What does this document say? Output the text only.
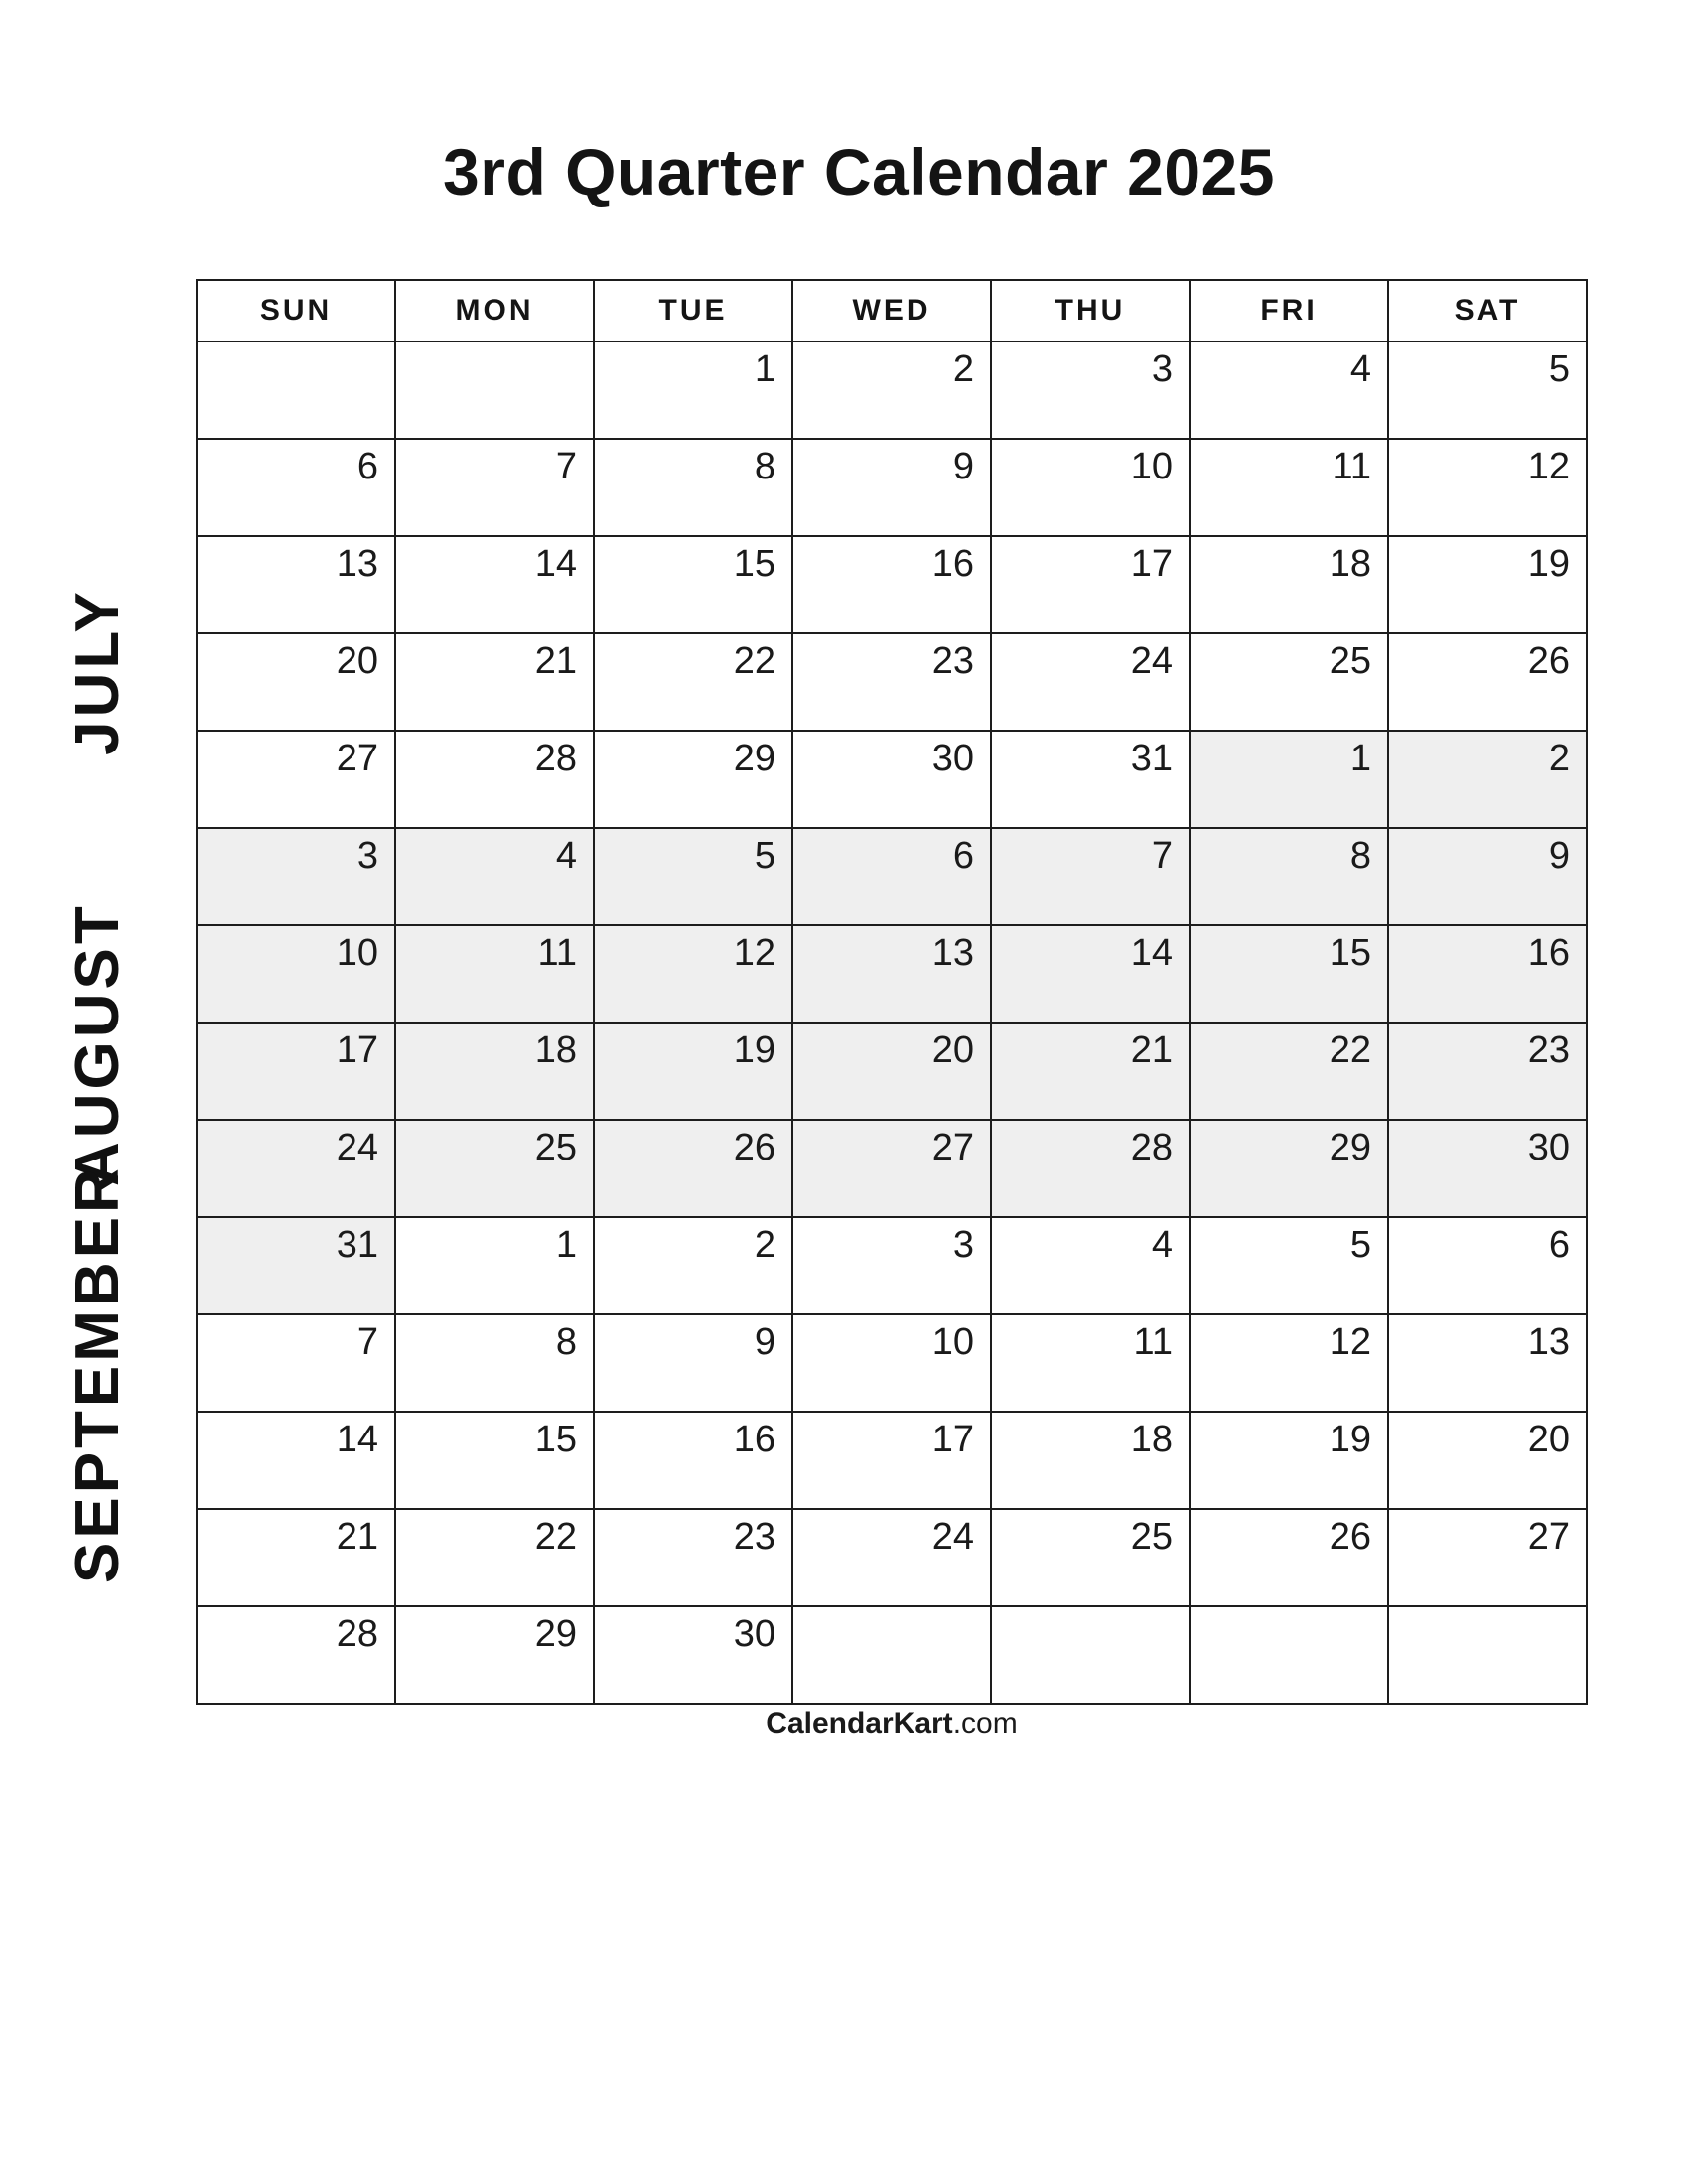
3rd Quarter Calendar 2025
JULY
AUGUST
SEPTEMBER
SUN	MON	TUE	WED	THU	FRI	SAT
		1	2	3	4	5
6	7	8	9	10	11	12
13	14	15	16	17	18	19
20	21	22	23	24	25	26
27	28	29	30	31	1	2
3	4	5	6	7	8	9
10	11	12	13	14	15	16
17	18	19	20	21	22	23
24	25	26	27	28	29	30
31	1	2	3	4	5	6
7	8	9	10	11	12	13
14	15	16	17	18	19	20
21	22	23	24	25	26	27
28	29	30				
CalendarKart.com
